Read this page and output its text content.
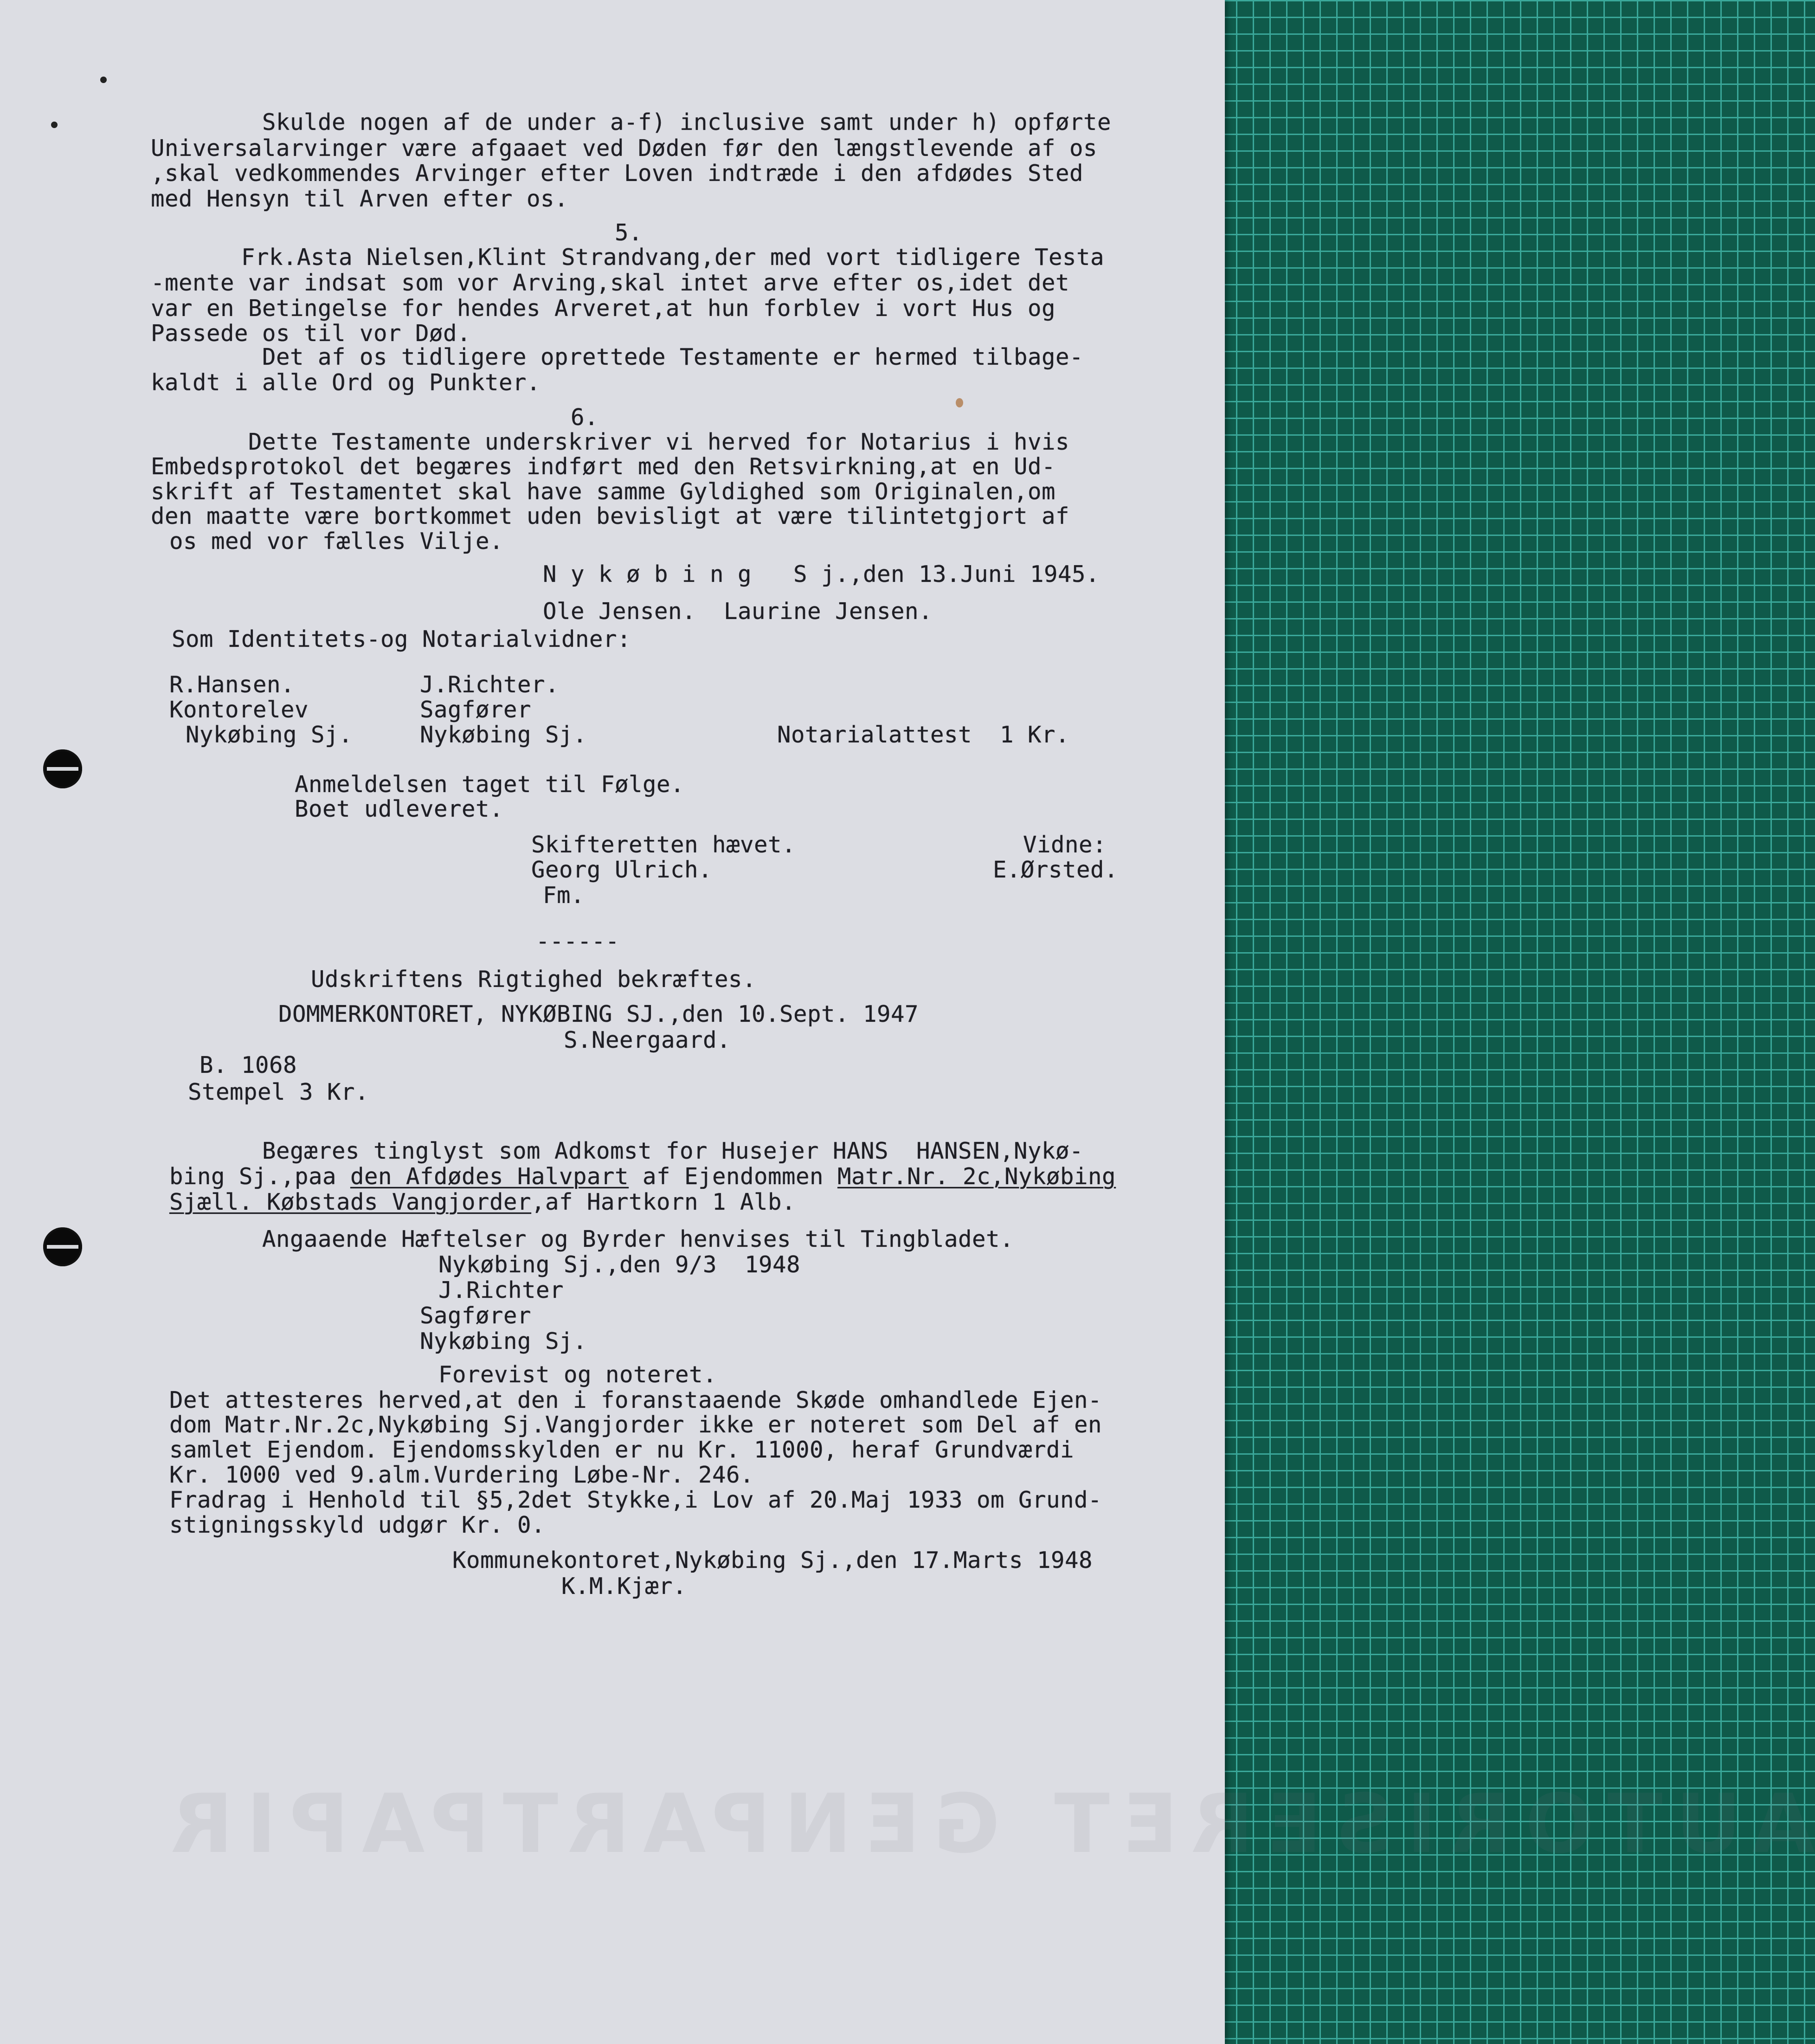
AUTORISERET GENPARTPAPIR
Skulde nogen af de under a-f) inclusive samt under h) opførte
Universalarvinger være afgaaet ved Døden før den længstlevende af os
,skal vedkommendes Arvinger efter Loven indtræde i den afdødes Sted
med Hensyn til Arven efter os.
5.
Frk.Asta Nielsen,Klint Strandvang,der med vort tidligere Testa
-mente var indsat som vor Arving,skal intet arve efter os,idet det
var en Betingelse for hendes Arveret,at hun forblev i vort Hus og
Passede os til vor Død.
Det af os tidligere oprettede Testamente er hermed tilbage-
kaldt i alle Ord og Punkter.
6.
Dette Testamente underskriver vi herved for Notarius i hvis
Embedsprotokol det begæres indført med den Retsvirkning,at en Ud-
skrift af Testamentet skal have samme Gyldighed som Originalen,om
den maatte være bortkommet uden bevisligt at være tilintetgjort af
os med vor fælles Vilje.
N y k ø b i n g   S j.,den 13.Juni 1945.
Ole Jensen.  Laurine Jensen.
Som Identitets-og Notarialvidner:
R.Hansen.
Kontorelev
Nykøbing Sj.
J.Richter.
Sagfører
Nykøbing Sj.	Notarialattest  1 Kr.
Anmeldelsen taget til Følge.
Boet udleveret.
Skifteretten hævet.
Georg Ulrich.
Fm.
Vidne:
E.Ørsted.
------
Udskriftens Rigtighed bekræftes.
DOMMERKONTORET, NYKØBING SJ.,den 10.Sept. 1947
S.Neergaard.
B. 1068
Stempel 3 Kr.
Begæres tinglyst som Adkomst for Husejer HANS  HANSEN,Nykø-
bing Sj.,paa den Afdødes Halvpart af Ejendommen Matr.Nr. 2c,Nykøbing
Sjæll. Købstads Vangjorder,af Hartkorn 1 Alb.
Angaaende Hæftelser og Byrder henvises til Tingbladet.
Nykøbing Sj.,den 9/3  1948
J.Richter
Sagfører
Nykøbing Sj.
Forevist og noteret.
Det attesteres herved,at den i foranstaaende Skøde omhandlede Ejen-
dom Matr.Nr.2c,Nykøbing Sj.Vangjorder ikke er noteret som Del af en
samlet Ejendom. Ejendomsskylden er nu Kr. 11000, heraf Grundværdi
Kr. 1000 ved 9.alm.Vurdering Løbe-Nr. 246.
Fradrag i Henhold til §5,2det Stykke,i Lov af 20.Maj 1933 om Grund-
stigningsskyld udgør Kr. 0.
Kommunekontoret,Nykøbing Sj.,den 17.Marts 1948
K.M.Kjær.
